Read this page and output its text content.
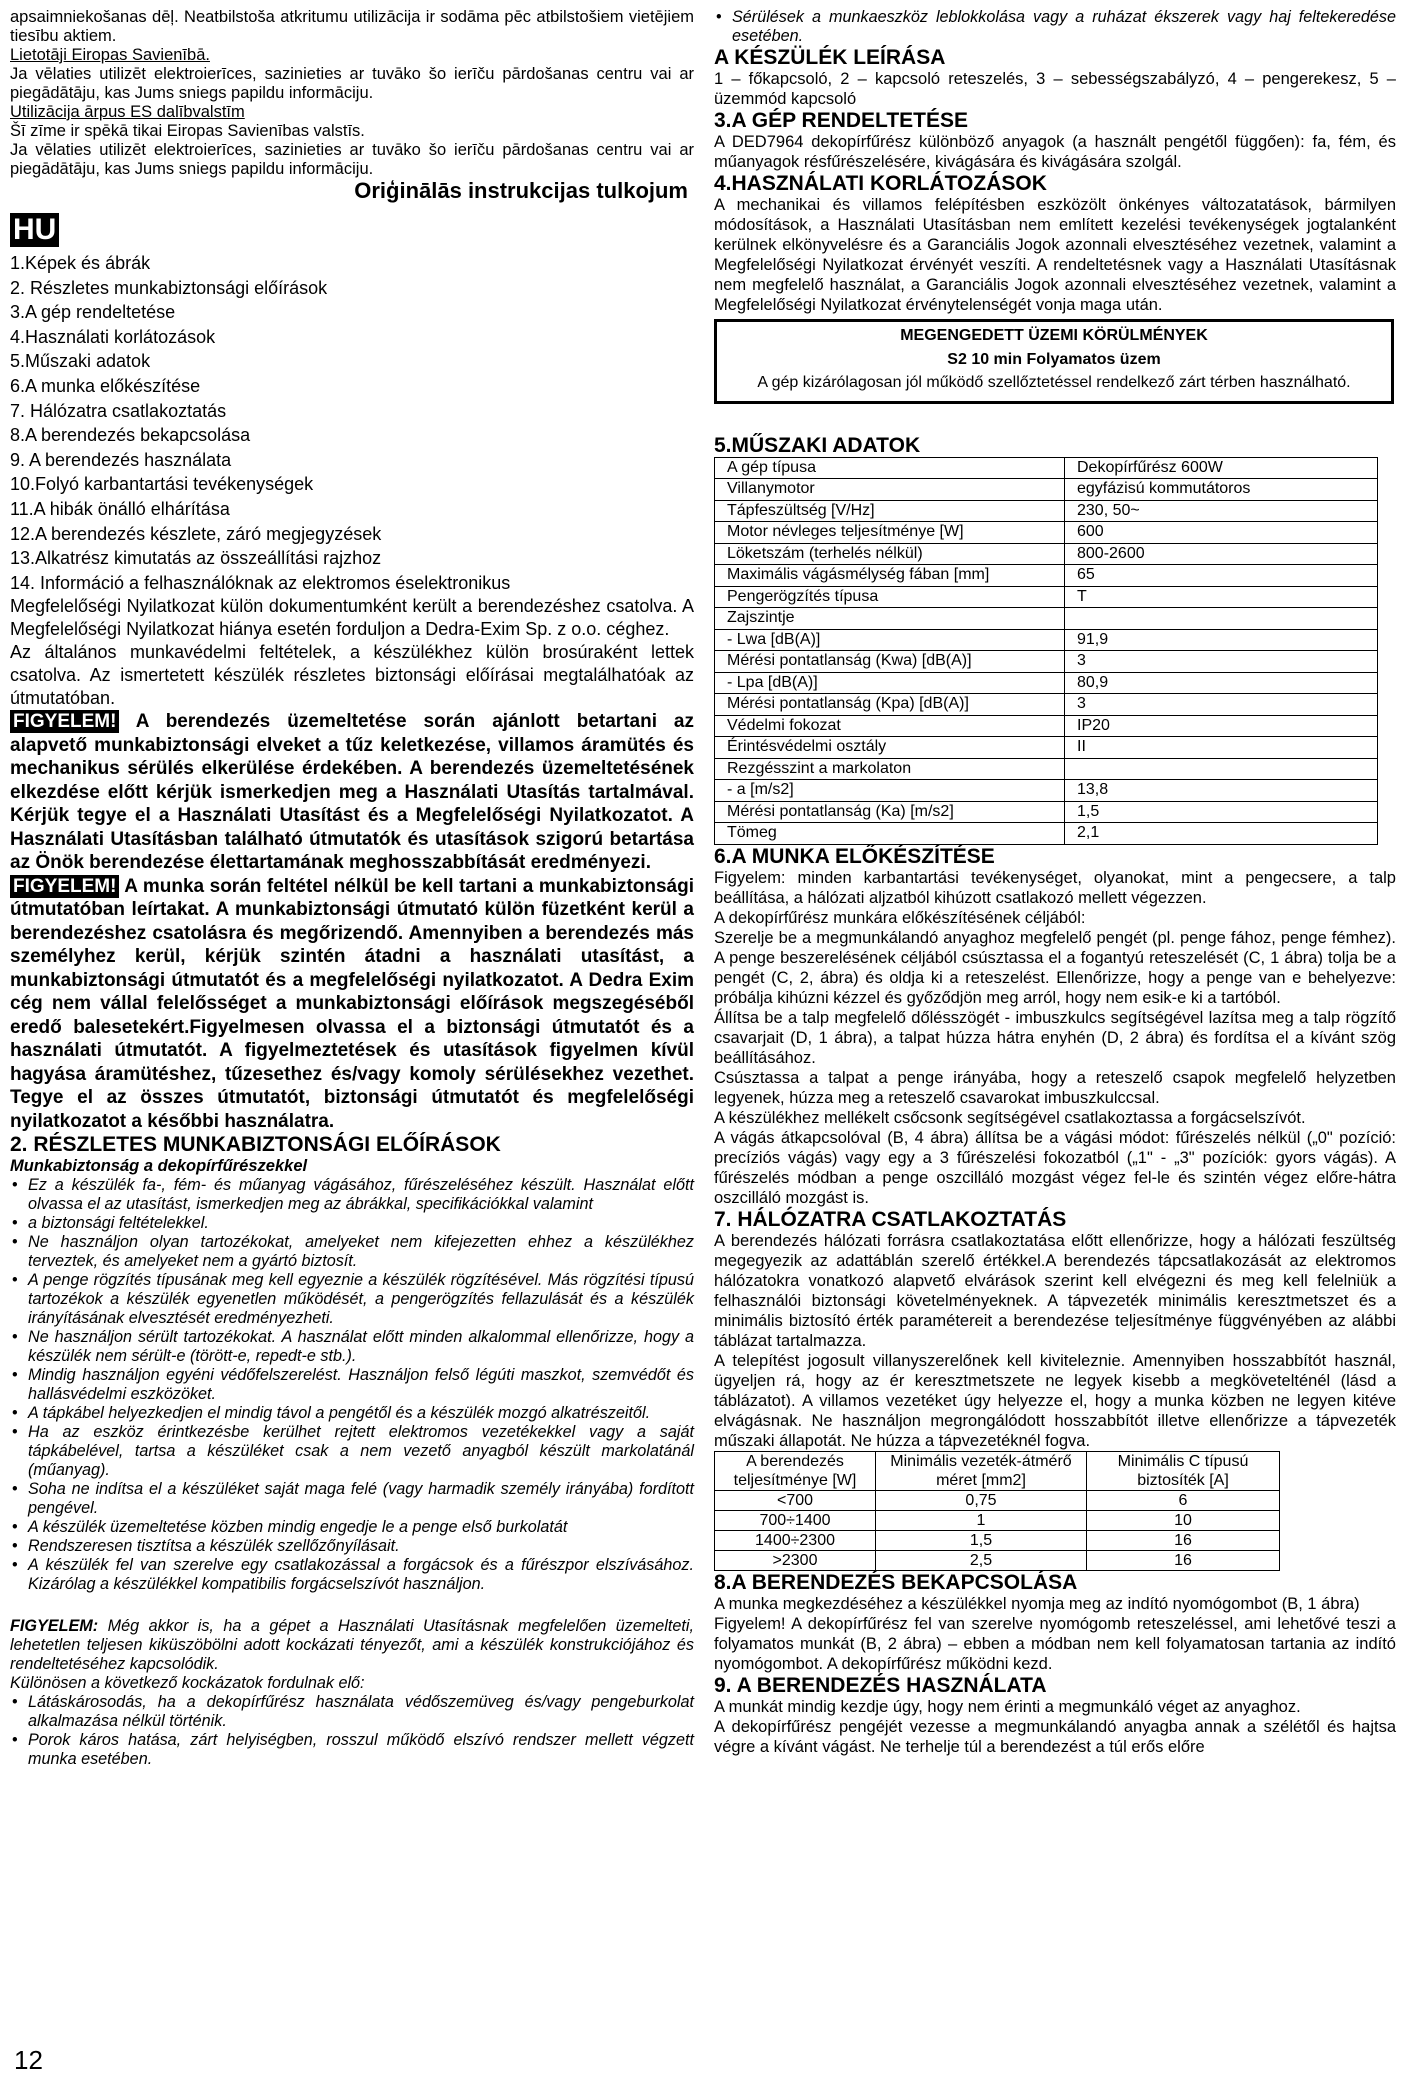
apsaimniekošanas dēļ. Neatbilstoša atkritumu utilizācija ir sodāma pēc atbilstošiem vietējiem tiesību aktiem.

Lietotāji Eiropas Savienībā.

Ja vēlaties utilizēt elektroierīces, sazinieties ar tuvāko šo ierīču pārdošanas centru vai ar piegādātāju, kas Jums sniegs papildu informāciju.

Utilizācija ārpus ES dalībvalstīm

Šī zīme ir spēkā tikai Eiropas Savienības valstīs.

Ja vēlaties utilizēt elektroierīces, sazinieties ar tuvāko šo ierīču pārdošanas centru vai ar piegādātāju, kas Jums sniegs papildu informāciju.

Oriģinālās instrukcijas tulkojum
HU

1.Képek és ábrák

2. Részletes munkabiztonsági előírások

3.A gép rendeltetése

4.Használati korlátozások

5.Műszaki adatok

6.A munka előkészítése

7. Hálózatra csatlakoztatás

8.A berendezés bekapcsolása

9. A berendezés használata

10.Folyó karbantartási tevékenységek

11.A hibák önálló elhárítása

12.A berendezés készlete, záró megjegyzések

13.Alkatrész kimutatás az összeállítási rajzhoz

14. Információ a felhasználóknak az elektromos éselektronikus

Megfelelőségi Nyilatkozat külön dokumentumként került a berendezéshez csatolva. A Megfelelőségi Nyilatkozat hiánya esetén forduljon a Dedra-Exim Sp. z o.o. céghez.

Az általános munkavédelmi feltételek, a készülékhez külön brosúraként lettek csatolva. Az ismertetett készülék részletes biztonsági előírásai megtalálhatóak az útmutatóban.

FIGYELEM! A berendezés üzemeltetése során ajánlott betartani az alapvető munkabiztonsági elveket a tűz keletkezése, villamos áramütés és mechanikus sérülés elkerülése érdekében. A berendezés üzemeltetésének elkezdése előtt kérjük ismerkedjen meg a Használati Utasítás tartalmával. Kérjük tegye el a Használati Utasítást és a Megfelelőségi Nyilatkozatot. A Használati Utasításban található útmutatók és utasítások szigorú betartása az Önök berendezése élettartamának meghosszabbítását eredményezi.

FIGYELEM! A munka során feltétel nélkül be kell tartani a munkabiztonsági útmutatóban leírtakat. A munkabiztonsági útmutató külön füzetként kerül a berendezéshez csatolásra és megőrizendő. Amennyiben a berendezés más személyhez kerül, kérjük szintén átadni a használati utasítást, a munkabiztonsági útmutatót és a megfelelőségi nyilatkozatot. A Dedra Exim cég nem vállal felelősséget a munkabiztonsági előírások megszegéséből eredő balesetekért.Figyelmesen olvassa el a biztonsági útmutatót és a használati útmutatót. A figyelmeztetések és utasítások figyelmen kívül hagyása áramütéshez, tűzesethez és/vagy komoly sérülésekhez vezethet. Tegye el az összes útmutatót, biztonsági útmutatót és megfelelőségi nyilatkozatot a későbbi használatra.

2. RÉSZLETES MUNKABIZTONSÁGI ELŐÍRÁSOK

Munkabiztonság a dekopírfűrészekkel

• Ez a készülék fa-, fém- és műanyag vágásához, fűrészeléséhez készült. Használat előtt olvassa el az utasítást, ismerkedjen meg az ábrákkal, specifikációkkal valamint
• a biztonsági feltételekkel.
• Ne használjon olyan tartozékokat, amelyeket nem kifejezetten ehhez a készülékhez terveztek, és amelyeket nem a gyártó biztosít.
• A penge rögzítés típusának meg kell egyeznie a készülék rögzítésével. Más rögzítési típusú tartozékok a készülék egyenetlen működését, a pengerögzítés fellazulását és a készülék irányításának elvesztését eredményezheti.
• Ne használjon sérült tartozékokat. A használat előtt minden alkalommal ellenőrizze, hogy a készülék nem sérült-e (törött-e, repedt-e stb.).
• Mindig használjon egyéni védőfelszerelést. Használjon felső légúti maszkot, szemvédőt és hallásvédelmi eszközöket.
• A tápkábel helyezkedjen el mindig távol a pengétől és a készülék mozgó alkatrészeitől.
• Ha az eszköz érintkezésbe kerülhet rejtett elektromos vezetékekkel vagy a saját tápkábelével, tartsa a készüléket csak a nem vezető anyagból készült markolatánál (műanyag).
• Soha ne indítsa el a készüléket saját maga felé (vagy harmadik személy irányába) fordított pengével.
• A készülék üzemeltetése közben mindig engedje le a penge első burkolatát
• Rendszeresen tisztítsa a készülék szellőzőnyílásait.
• A készülék fel van szerelve egy csatlakozással a forgácsok és a fűrészpor elszívásához. Kizárólag a készülékkel kompatibilis forgácselszívót használjon.

FIGYELEM: Még akkor is, ha a gépet a Használati Utasításnak megfelelően üzemelteti, lehetetlen teljesen kiküszöbölni adott kockázati tényezőt, ami a készülék konstrukciójához és rendeltetéséhez kapcsolódik.

Különösen a következő kockázatok fordulnak elő:

• Látáskárosodás, ha a dekopírfűrész használata védőszemüveg és/vagy pengeburkolat alkalmazása nélkül történik.
• Porok káros hatása, zárt helyiségben, rosszul működő elszívó rendszer mellett végzett munka esetében.
• Sérülések a munkaeszköz leblokkolása vagy a ruházat ékszerek vagy haj feltekeredése esetében.

A KÉSZÜLÉK LEÍRÁSA

1 – főkapcsoló, 2 – kapcsoló reteszelés, 3 – sebességszabályzó, 4 – pengerekesz, 5 – üzemmód kapcsoló

3.A GÉP RENDELTETÉSE

A DED7964 dekopírfűrész különböző anyagok (a használt pengétől függően): fa, fém, és műanyagok résfűrészelésére, kivágására és kivágására szolgál.

4.HASZNÁLATI KORLÁTOZÁSOK

A mechanikai és villamos felépítésben eszközölt önkényes változatatások, bármilyen módosítások, a Használati Utasításban nem említett kezelési tevékenységek jogtalanként kerülnek elkönyvelésre és a Garanciális Jogok azonnali elvesztéséhez vezetnek, valamint a Megfelelőségi Nyilatkozat érvényét veszíti. A rendeltetésnek vagy a Használati Utasításnak nem megfelelő használat, a Garanciális Jogok azonnali elvesztéséhez vezetnek, valamint a Megfelelőségi Nyilatkozat érvénytelenségét vonja maga után.

MEGENGEDETT ÜZEMI KÖRÜLMÉNYEK

S2 10 min Folyamatos üzem

A gép kizárólagosan jól működő szellőztetéssel rendelkező zárt térben használható.

5.MŰSZAKI ADATOK

A gép típusa	Dekopírfűrész 600W
Villanymotor	egyfázisú kommutátoros
Tápfeszültség [V/Hz]	230, 50~
Motor névleges teljesítménye [W]	600
Löketszám (terhelés nélkül)	800-2600
Maximális vágásmélység fában [mm]	65
Pengerögzítés típusa	T
Zajszintje	
- Lwa [dB(A)]	91,9
Mérési pontatlanság (Kwa) [dB(A)]	3
- Lpa [dB(A)]	80,9
Mérési pontatlanság (Kpa) [dB(A)]	3
Védelmi fokozat	IP20
Érintésvédelmi osztály	II
Rezgésszint a markolaton	
- a [m/s2]	13,8
Mérési pontatlanság (Ka) [m/s2]	1,5
Tömeg	2,1

6.A MUNKA ELŐKÉSZÍTÉSE

Figyelem: minden karbantartási tevékenységet, olyanokat, mint a pengecsere, a talp beállítása, a hálózati aljzatból kihúzott csatlakozó mellett végezzen.

A dekopírfűrész munkára előkészítésének céljából:

Szerelje be a megmunkálandó anyaghoz megfelelő pengét (pl. penge fához, penge fémhez). A penge beszerelésének céljából csúsztassa el a fogantyú reteszelését (C, 1 ábra) tolja be a pengét (C, 2, ábra) és oldja ki a reteszelést. Ellenőrizze, hogy a penge van e behelyezve: próbálja kihúzni kézzel és győződjön meg arról, hogy nem esik-e ki a tartóból.

Állítsa be a talp megfelelő dőlésszögét - imbuszkulcs segítségével lazítsa meg a talp rögzítő csavarjait (D, 1 ábra), a talpat húzza hátra enyhén (D, 2 ábra) és fordítsa el a kívánt szög beállításához.

Csúsztassa a talpat a penge irányába, hogy a reteszelő csapok megfelelő helyzetben legyenek, húzza meg a reteszelő csavarokat imbuszkulccsal.

A készülékhez mellékelt csőcsonk segítségével csatlakoztassa a forgácselszívót.

A vágás átkapcsolóval (B, 4 ábra) állítsa be a vágási módot: fűrészelés nélkül („0" pozíció: precíziós vágás) vagy egy a 3 fűrészelési fokozatból („1" - „3" pozíciók: gyors vágás). A fűrészelés módban a penge oszcilláló mozgást végez fel-le és szintén végez előre-hátra oszcilláló mozgást is.

7. HÁLÓZATRA CSATLAKOZTATÁS

A berendezés hálózati forrásra csatlakoztatása előtt ellenőrizze, hogy a hálózati feszültség megegyezik az adattáblán szerelő értékkel.A berendezés tápcsatlakozását az elektromos hálózatokra vonatkozó alapvető elvárások szerint kell elvégezni és meg kell felelniük a felhasználói biztonsági követelményeknek. A tápvezeték minimális keresztmetszet és a minimális biztosító érték paramétereit a berendezése teljesítménye függvényében az alábbi táblázat tartalmazza.

A telepítést jogosult villanyszerelőnek kell kiviteleznie. Amennyiben hosszabbítót használ, ügyeljen rá, hogy az ér keresztmetszete ne legyek kisebb a megkövetelténél (lásd a táblázatot). A villamos vezetéket úgy helyezze el, hogy a munka közben ne legyen kitéve elvágásnak. Ne használjon megrongálódott hosszabbítót illetve ellenőrizze a tápvezeték műszaki állapotát. Ne húzza a tápvezetéknél fogva.

A berendezés teljesítménye [W]	Minimális vezeték-átmérő méret [mm2]	Minimális C típusú biztosíték [A]
<700	0,75	6
700÷1400	1	10
1400÷2300	1,5	16
>2300	2,5	16

8.A BERENDEZÉS BEKAPCSOLÁSA

A munka megkezdéséhez a készülékkel nyomja meg az indító nyomógombot (B, 1 ábra)

Figyelem! A dekopírfűrész fel van szerelve nyomógomb reteszeléssel, ami lehetővé teszi a folyamatos munkát (B, 2 ábra) – ebben a módban nem kell folyamatosan tartania az indító nyomógombot. A dekopírfűrész működni kezd.

9. A BERENDEZÉS HASZNÁLATA

A munkát mindig kezdje úgy, hogy nem érinti a megmunkáló véget az anyaghoz.

A dekopírfűrész pengéjét vezesse a megmunkálandó anyagba annak a szélétől és hajtsa végre a kívánt vágást. Ne terhelje túl a berendezést a túl erős előre

12
